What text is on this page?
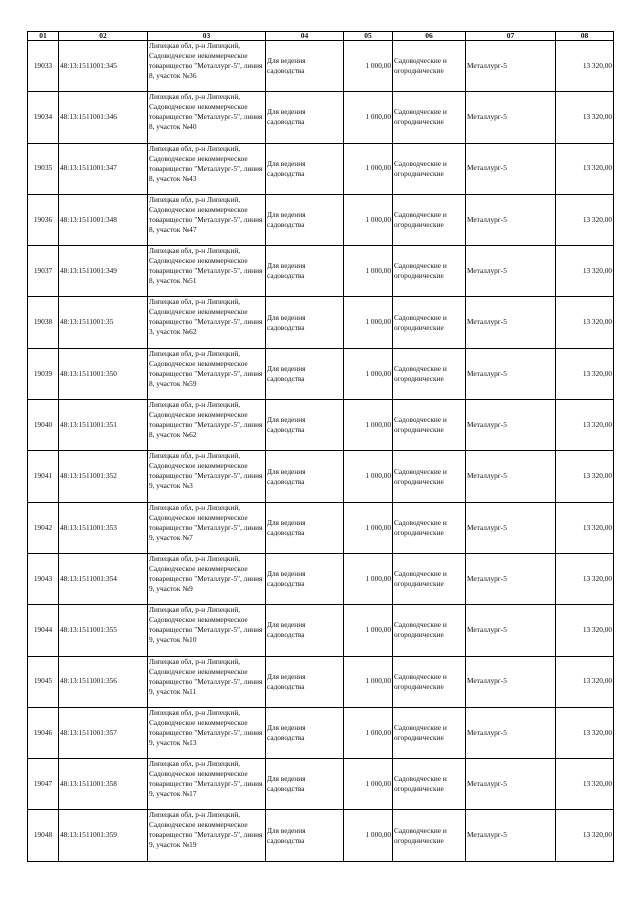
01	02	03	04	05	06	07	08
19033	48:13:1511001:345	Липецкая обл, р-н Липецкий, Садоводческое некоммерческое товарищество "Металлург-5", линия 8, участок №36	Для ведения садоводства	1 000,00	Садоводческие и огороднические	Металлург-5	13 320,00
19034	48:13:1511001:346	Липецкая обл, р-н Липецкий, Садоводческое некоммерческое товарищество "Металлург-5", линия 8, участок №40	Для ведения садоводства	1 000,00	Садоводческие и огороднические	Металлург-5	13 320,00
19035	48:13:1511001:347	Липецкая обл, р-н Липецкий, Садоводческое некоммерческое товарищество "Металлург-5", линия 8, участок №43	Для ведения садоводства	1 000,00	Садоводческие и огороднические	Металлург-5	13 320,00
19036	48:13:1511001:348	Липецкая обл, р-н Липецкий, Садоводческое некоммерческое товарищество "Металлург-5", линия 8, участок №47	Для ведения садоводства	1 000,00	Садоводческие и огороднические	Металлург-5	13 320,00
19037	48:13:1511001:349	Липецкая обл, р-н Липецкий, Садоводческое некоммерческое товарищество "Металлург-5", линия 8, участок №51	Для ведения садоводства	1 000,00	Садоводческие и огороднические	Металлург-5	13 320,00
19038	48:13:1511001:35	Липецкая обл, р-н Липецкий, Садоводческое некоммерческое товарищество "Металлург-5", линия 3, участок №62	Для ведения садоводства	1 000,00	Садоводческие и огороднические	Металлург-5	13 320,00
19039	48:13:1511001:350	Липецкая обл, р-н Липецкий, Садоводческое некоммерческое товарищество "Металлург-5", линия 8, участок №59	Для ведения садоводства	1 000,00	Садоводческие и огороднические	Металлург-5	13 320,00
19040	48:13:1511001:351	Липецкая обл, р-н Липецкий, Садоводческое некоммерческое товарищество "Металлург-5", линия 8, участок №62	Для ведения садоводства	1 000,00	Садоводческие и огороднические	Металлург-5	13 320,00
19041	48:13:1511001:352	Липецкая обл, р-н Липецкий, Садоводческое некоммерческое товарищество "Металлург-5", линия 9, участок №3	Для ведения садоводства	1 000,00	Садоводческие и огороднические	Металлург-5	13 320,00
19042	48:13:1511001:353	Липецкая обл, р-н Липецкий, Садоводческое некоммерческое товарищество "Металлург-5", линия 9, участок №7	Для ведения садоводства	1 000,00	Садоводческие и огороднические	Металлург-5	13 320,00
19043	48:13:1511001:354	Липецкая обл, р-н Липецкий, Садоводческое некоммерческое товарищество "Металлург-5", линия 9, участок №9	Для ведения садоводства	1 000,00	Садоводческие и огороднические	Металлург-5	13 320,00
19044	48:13:1511001:355	Липецкая обл, р-н Липецкий, Садоводческое некоммерческое товарищество "Металлург-5", линия 9, участок №10	Для ведения садоводства	1 000,00	Садоводческие и огороднические	Металлург-5	13 320,00
19045	48:13:1511001:356	Липецкая обл, р-н Липецкий, Садоводческое некоммерческое товарищество "Металлург-5", линия 9, участок №11	Для ведения садоводства	1 000,00	Садоводческие и огороднические	Металлург-5	13 320,00
19046	48:13:1511001:357	Липецкая обл, р-н Липецкий, Садоводческое некоммерческое товарищество "Металлург-5", линия 9, участок №13	Для ведения садоводства	1 000,00	Садоводческие и огороднические	Металлург-5	13 320,00
19047	48:13:1511001:358	Липецкая обл, р-н Липецкий, Садоводческое некоммерческое товарищество "Металлург-5", линия 9, участок №17	Для ведения садоводства	1 000,00	Садоводческие и огороднические	Металлург-5	13 320,00
19048	48:13:1511001:359	Липецкая обл, р-н Липецкий, Садоводческое некоммерческое товарищество "Металлург-5", линия 9, участок №19	Для ведения садоводства	1 000,00	Садоводческие и огороднические	Металлург-5	13 320,00
